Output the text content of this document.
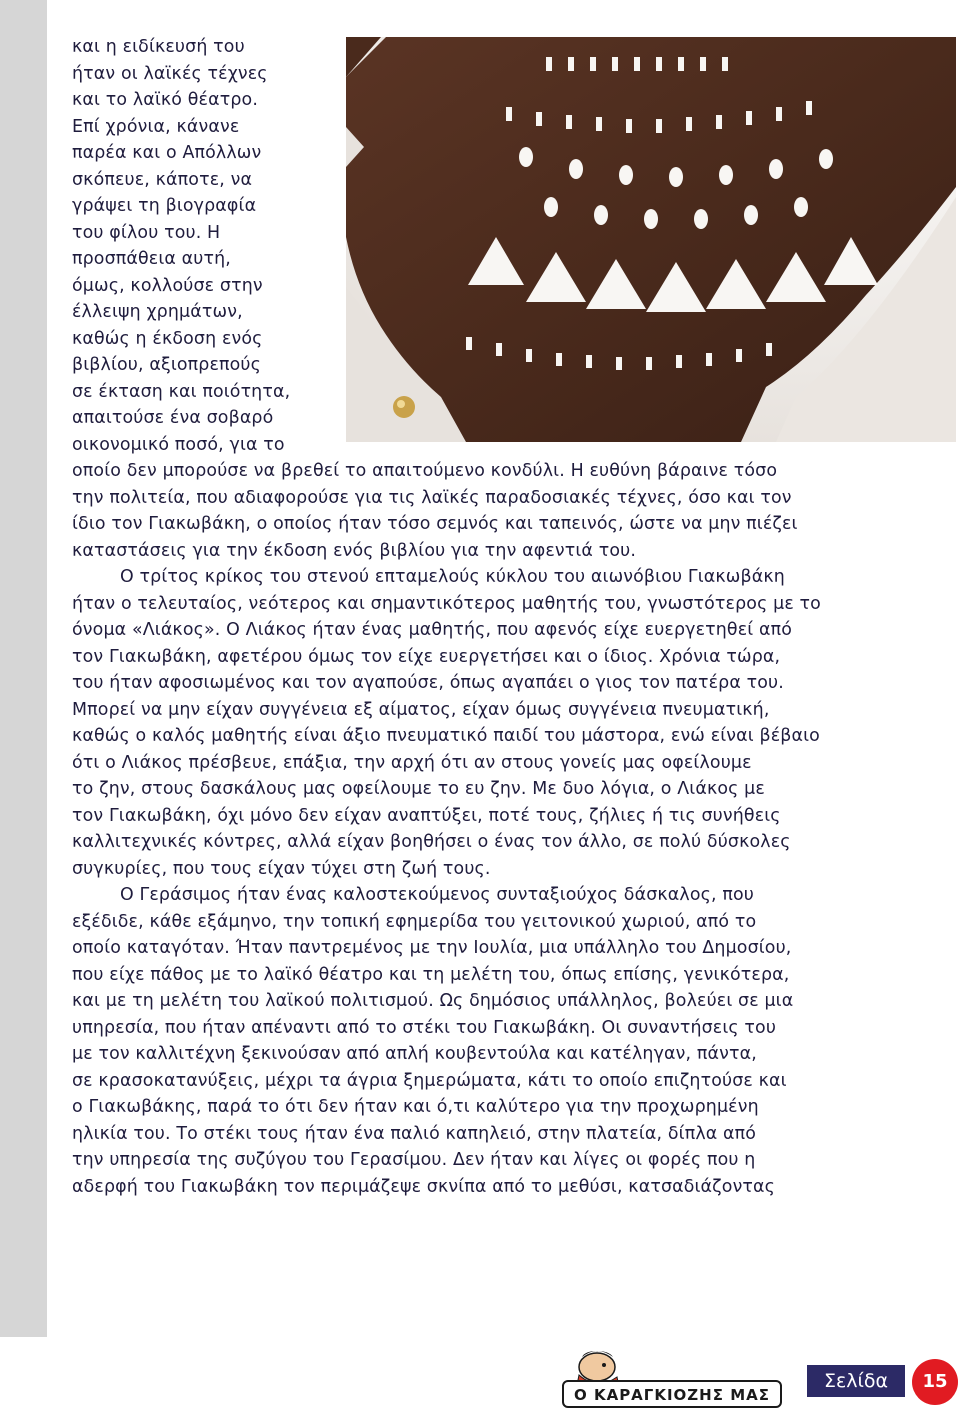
και η ειδίκευσή του
ήταν οι λαϊκές τέχνες
και το λαϊκό θέατρο.
Επί χρόνια, κάνανε
παρέα και ο Απόλλων
σκόπευε, κάποτε, να
γράψει τη βιογραφία
του φίλου του. Η
προσπάθεια αυτή,
όμως, κολλούσε στην
έλλειψη χρημάτων,
καθώς η έκδοση ενός
βιβλίου, αξιοπρεπούς
σε έκταση και ποιότητα,
απαιτούσε ένα σοβαρό
οικονομικό ποσό, για το
οποίο δεν μπορούσε να βρεθεί το απαιτούμενο κονδύλι. Η ευθύνη βάραινε τόσο
την πολιτεία, που αδιαφορούσε για τις λαϊκές παραδοσιακές τέχνες, όσο και τον
ίδιο τον Γιακωβάκη, ο οποίος ήταν τόσο σεμνός και ταπεινός, ώστε να μην πιέζει
καταστάσεις για την έκδοση ενός βιβλίου για την αφεντιά του.

Ο τρίτος κρίκος του στενού επταμελούς κύκλου του αιωνόβιου Γιακωβάκη
ήταν ο τελευταίος, νεότερος και σημαντικότερος μαθητής του, γνωστότερος με το
όνομα «Λιάκος». Ο Λιάκος ήταν ένας μαθητής, που αφενός είχε ευεργετηθεί από
τον Γιακωβάκη, αφετέρου όμως τον είχε ευεργετήσει και ο ίδιος. Χρόνια τώρα,
του ήταν αφοσιωμένος και τον αγαπούσε, όπως αγαπάει ο γιος τον πατέρα του.
Μπορεί να μην είχαν συγγένεια εξ αίματος, είχαν όμως συγγένεια πνευματική,
καθώς ο καλός μαθητής είναι άξιο πνευματικό παιδί του μάστορα, ενώ είναι βέβαιο
ότι ο Λιάκος πρέσβευε, επάξια, την αρχή ότι αν στους γονείς μας οφείλουμε
το ζην, στους δασκάλους μας οφείλουμε το ευ ζην. Με δυο λόγια, ο Λιάκος με
τον Γιακωβάκη, όχι μόνο δεν είχαν αναπτύξει, ποτέ τους, ζήλιες ή τις συνήθεις
καλλιτεχνικές κόντρες, αλλά είχαν βοηθήσει ο ένας τον άλλο, σε πολύ δύσκολες
συγκυρίες, που τους είχαν τύχει στη ζωή τους.

Ο Γεράσιμος ήταν ένας καλοστεκούμενος συνταξιούχος δάσκαλος, που
εξέδιδε, κάθε εξάμηνο, την τοπική εφημερίδα του γειτονικού χωριού, από το
οποίο καταγόταν. Ήταν παντρεμένος με την Ιουλία, μια υπάλληλο του Δημοσίου,
που είχε πάθος με το λαϊκό θέατρο και τη μελέτη του, όπως επίσης, γενικότερα,
και με τη μελέτη του λαϊκού πολιτισμού. Ως δημόσιος υπάλληλος, βολεύει σε μια
υπηρεσία, που ήταν απέναντι από το στέκι του Γιακωβάκη. Οι συναντήσεις του
με τον καλλιτέχνη ξεκινούσαν από απλή κουβεντούλα και κατέληγαν, πάντα,
σε κρασοκατανύξεις, μέχρι τα άγρια ξημερώματα, κάτι το οποίο επιζητούσε και
ο Γιακωβάκης, παρά το ότι δεν ήταν και ό,τι καλύτερο για την προχωρημένη
ηλικία του. Το στέκι τους ήταν ένα παλιό καπηλειό, στην πλατεία, δίπλα από
την υπηρεσία της συζύγου του Γερασίμου. Δεν ήταν και λίγες οι φορές που η
αδερφή του Γιακωβάκη τον περιμάζεψε σκνίπα από το μεθύσι, κατσαδιάζοντας

Ο ΚΑΡΑΓΚΙΟΖΗΣ ΜΑΣ
Σελίδα	15
